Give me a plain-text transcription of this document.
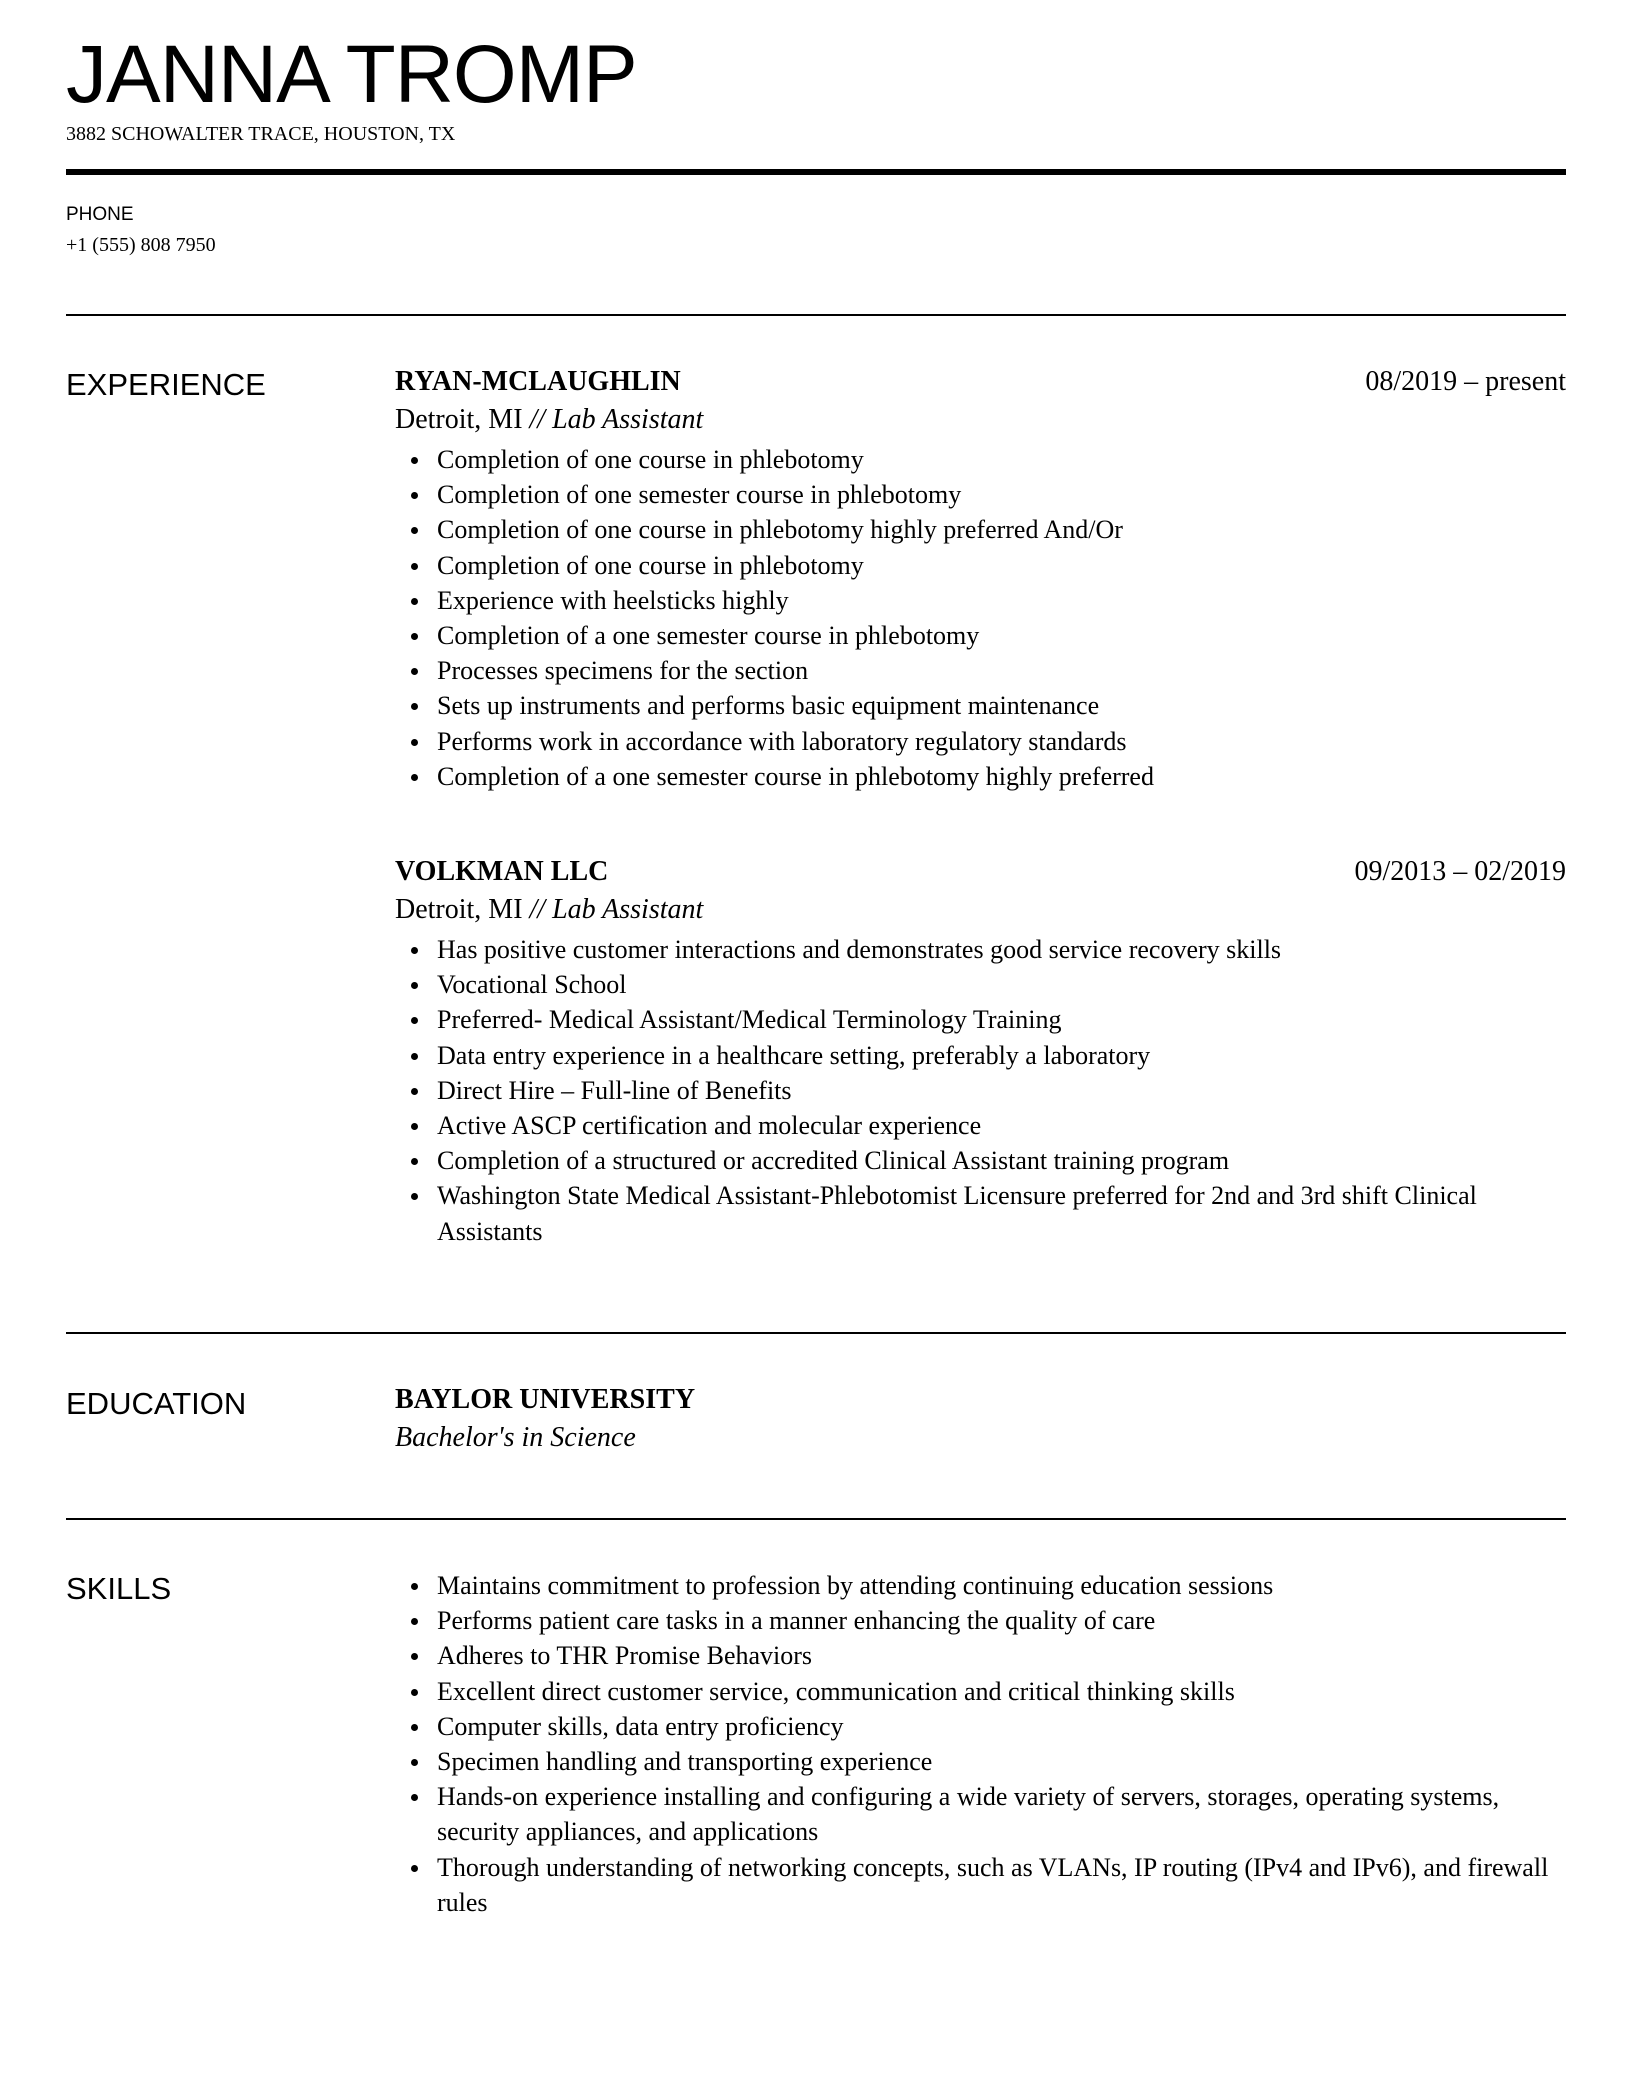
JANNA TROMP
3882 SCHOWALTER TRACE, HOUSTON, TX
PHONE
+1 (555) 808 7950
EXPERIENCE	RYAN-MCLAUGHLIN	08/2019 – present
Detroit, MI // Lab Assistant
Completion of one course in phlebotomy
Completion of one semester course in phlebotomy
Completion of one course in phlebotomy highly preferred And/Or
Completion of one course in phlebotomy
Experience with heelsticks highly
Completion of a one semester course in phlebotomy
Processes specimens for the section
Sets up instruments and performs basic equipment maintenance
Performs work in accordance with laboratory regulatory standards
Completion of a one semester course in phlebotomy highly preferred
VOLKMAN LLC	09/2013 – 02/2019
Detroit, MI // Lab Assistant
Has positive customer interactions and demonstrates good service recovery skills
Vocational School
Preferred- Medical Assistant/Medical Terminology Training
Data entry experience in a healthcare setting, preferably a laboratory
Direct Hire – Full-line of Benefits
Active ASCP certification and molecular experience
Completion of a structured or accredited Clinical Assistant training program
Washington State Medical Assistant-Phlebotomist Licensure preferred for 2nd and 3rd shift Clinical Assistants
EDUCATION	BAYLOR UNIVERSITY
Bachelor's in Science
SKILLS	Maintains commitment to profession by attending continuing education sessions
Performs patient care tasks in a manner enhancing the quality of care
Adheres to THR Promise Behaviors
Excellent direct customer service, communication and critical thinking skills
Computer skills, data entry proficiency
Specimen handling and transporting experience
Hands-on experience installing and configuring a wide variety of servers, storages, operating systems, security appliances, and applications
Thorough understanding of networking concepts, such as VLANs, IP routing (IPv4 and IPv6), and firewall rules
